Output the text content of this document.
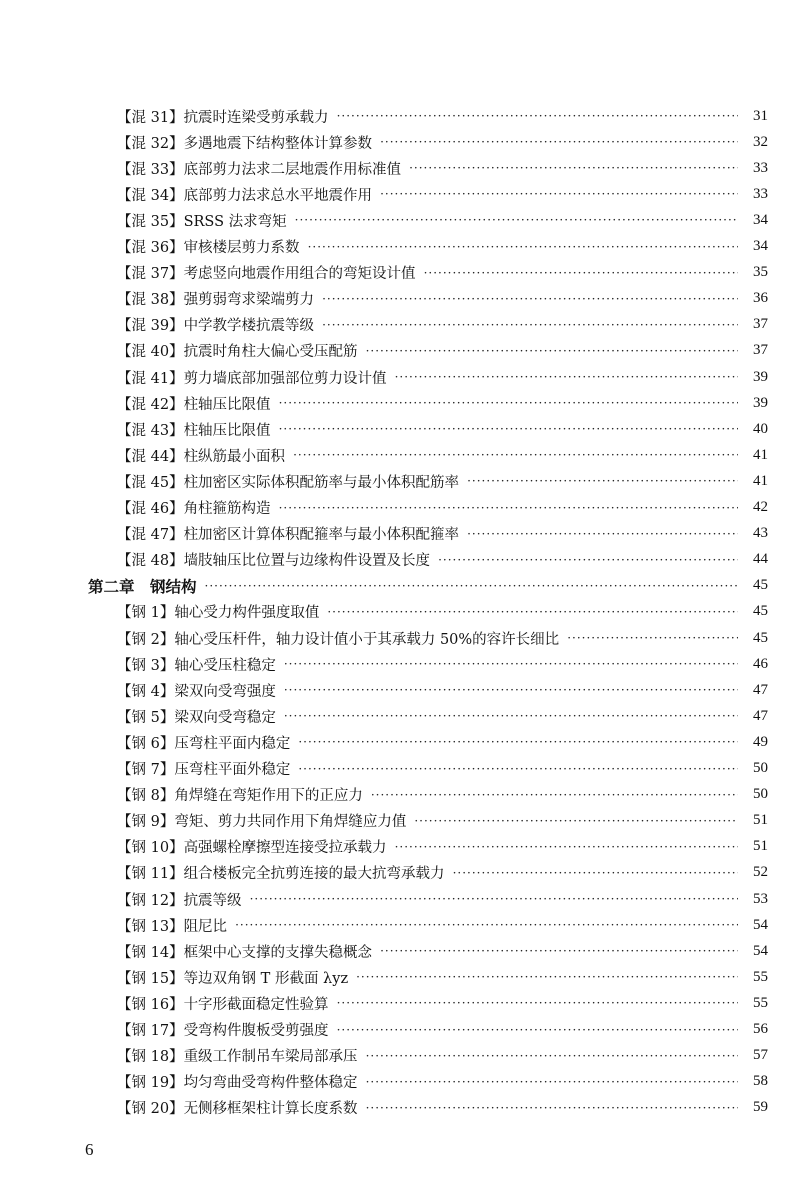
【混 31】 抗震时连梁受剪承载力 ·····	31
【混 32】 多遇地震下结构整体计算参数 ·····	32
【混 33】 底部剪力法求二层地震作用标准值 ·····	33
【混 34】 底部剪力法求总水平地震作用 ·····	33
【混 35】 SRSS 法求弯矩 ·····	34
【混 36】 审核楼层剪力系数 ·····	34
【混 37】 考虑竖向地震作用组合的弯矩设计值 ·····	35
【混 38】 强剪弱弯求梁端剪力 ·····	36
【混 39】 中学教学楼抗震等级 ·····	37
【混 40】 抗震时角柱大偏心受压配筋 ·····	37
【混 41】 剪力墙底部加强部位剪力设计值 ·····	39
【混 42】 柱轴压比限值 ·····	39
【混 43】 柱轴压比限值 ·····	40
【混 44】 柱纵筋最小面积 ·····	41
【混 45】 柱加密区实际体积配筋率与最小体积配筋率 ·····	41
【混 46】 角柱箍筋构造 ·····	42
【混 47】 柱加密区计算体积配箍率与最小体积配箍率 ·····	43
【混 48】 墙肢轴压比位置与边缘构件设置及长度 ·····	44
第二章　钢结构 ·····	45
【钢 1】 轴心受力构件强度取值 ·····	45
【钢 2】 轴心受压杆件，轴力设计值小于其承载力 50%的容许长细比 ·····	45
【钢 3】 轴心受压柱稳定 ·····	46
【钢 4】 梁双向受弯强度 ·····	47
【钢 5】 梁双向受弯稳定 ·····	47
【钢 6】 压弯柱平面内稳定 ·····	49
【钢 7】 压弯柱平面外稳定 ·····	50
【钢 8】 角焊缝在弯矩作用下的正应力 ·····	50
【钢 9】 弯矩、剪力共同作用下角焊缝应力值 ·····	51
【钢 10】 高强螺栓摩擦型连接受拉承载力 ·····	51
【钢 11】 组合楼板完全抗剪连接的最大抗弯承载力 ·····	52
【钢 12】 抗震等级 ·····	53
【钢 13】 阻尼比 ·····	54
【钢 14】 框架中心支撑的支撑失稳概念 ·····	54
【钢 15】 等边双角钢 T 形截面 λyz ·····	55
【钢 16】 十字形截面稳定性验算 ·····	55
【钢 17】 受弯构件腹板受剪强度 ·····	56
【钢 18】 重级工作制吊车梁局部承压 ·····	57
【钢 19】 均匀弯曲受弯构件整体稳定 ·····	58
【钢 20】 无侧移框架柱计算长度系数 ·····	59
6
